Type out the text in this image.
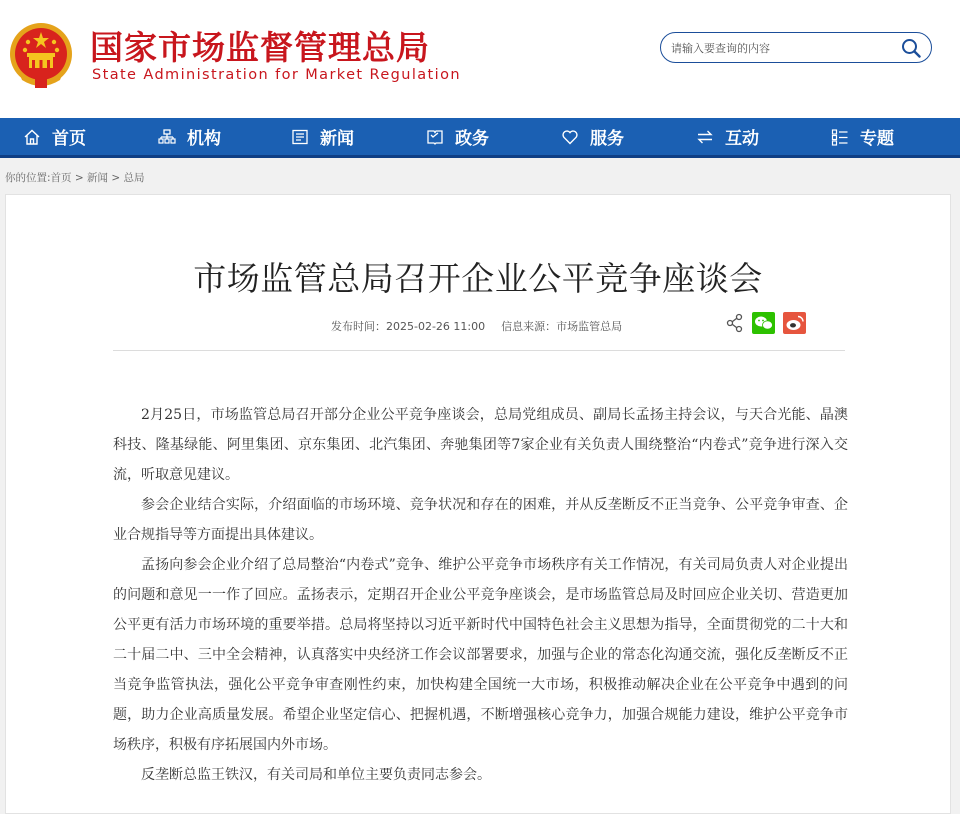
国家市场监督管理总局
State Administration for Market Regulation
请输入要查询的内容
首页	机构	新闻	政务	服务	互动	专题
你的位置:首页 > 新闻 > 总局
市场监管总局召开企业公平竞争座谈会
发布时间：2025-02-26 11:00 信息来源：市场监管总局

2月25日，市场监管总局召开部分企业公平竞争座谈会，总局党组成员、副局长孟扬主持会议，与天合光能、晶澳科技、隆基绿能、阿里集团、京东集团、北汽集团、奔驰集团等7家企业有关负责人围绕整治“内卷式”竞争进行深入交流，听取意见建议。

参会企业结合实际，介绍面临的市场环境、竞争状况和存在的困难，并从反垄断反不正当竞争、公平竞争审查、企业合规指导等方面提出具体建议。

孟扬向参会企业介绍了总局整治“内卷式”竞争、维护公平竞争市场秩序有关工作情况，有关司局负责人对企业提出的问题和意见一一作了回应。孟扬表示，定期召开企业公平竞争座谈会，是市场监管总局及时回应企业关切、营造更加公平更有活力市场环境的重要举措。总局将坚持以习近平新时代中国特色社会主义思想为指导，全面贯彻党的二十大和二十届二中、三中全会精神，认真落实中央经济工作会议部署要求，加强与企业的常态化沟通交流，强化反垄断反不正当竞争监管执法，强化公平竞争审查刚性约束，加快构建全国统一大市场，积极推动解决企业在公平竞争中遇到的问题，助力企业高质量发展。希望企业坚定信心、把握机遇，不断增强核心竞争力，加强合规能力建设，维护公平竞争市场秩序，积极有序拓展国内外市场。

反垄断总监王铁汉，有关司局和单位主要负责同志参会。
